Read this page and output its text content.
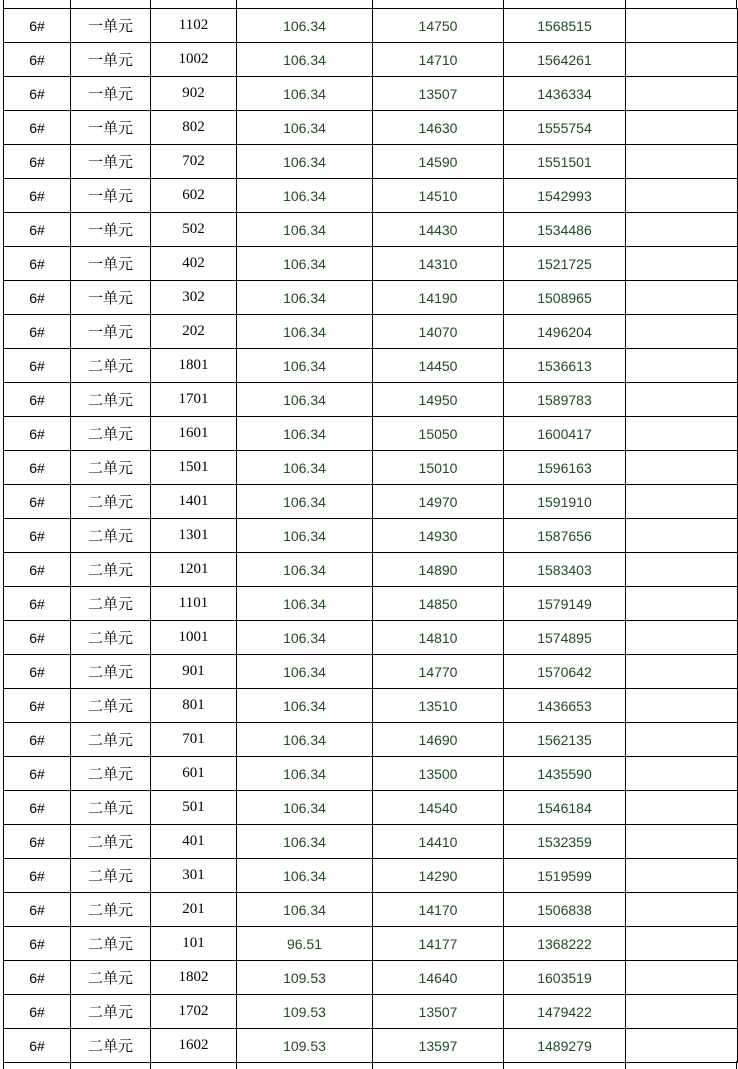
6#	一单元	1102	106.34	14750	1568515	
6#	一单元	1002	106.34	14710	1564261	
6#	一单元	902	106.34	13507	1436334	
6#	一单元	802	106.34	14630	1555754	
6#	一单元	702	106.34	14590	1551501	
6#	一单元	602	106.34	14510	1542993	
6#	一单元	502	106.34	14430	1534486	
6#	一单元	402	106.34	14310	1521725	
6#	一单元	302	106.34	14190	1508965	
6#	一单元	202	106.34	14070	1496204	
6#	二单元	1801	106.34	14450	1536613	
6#	二单元	1701	106.34	14950	1589783	
6#	二单元	1601	106.34	15050	1600417	
6#	二单元	1501	106.34	15010	1596163	
6#	二单元	1401	106.34	14970	1591910	
6#	二单元	1301	106.34	14930	1587656	
6#	二单元	1201	106.34	14890	1583403	
6#	二单元	1101	106.34	14850	1579149	
6#	二单元	1001	106.34	14810	1574895	
6#	二单元	901	106.34	14770	1570642	
6#	二单元	801	106.34	13510	1436653	
6#	二单元	701	106.34	14690	1562135	
6#	二单元	601	106.34	13500	1435590	
6#	二单元	501	106.34	14540	1546184	
6#	二单元	401	106.34	14410	1532359	
6#	二单元	301	106.34	14290	1519599	
6#	二单元	201	106.34	14170	1506838	
6#	二单元	101	96.51	14177	1368222	
6#	二单元	1802	109.53	14640	1603519	
6#	二单元	1702	109.53	13507	1479422	
6#	二单元	1602	109.53	13597	1489279	
